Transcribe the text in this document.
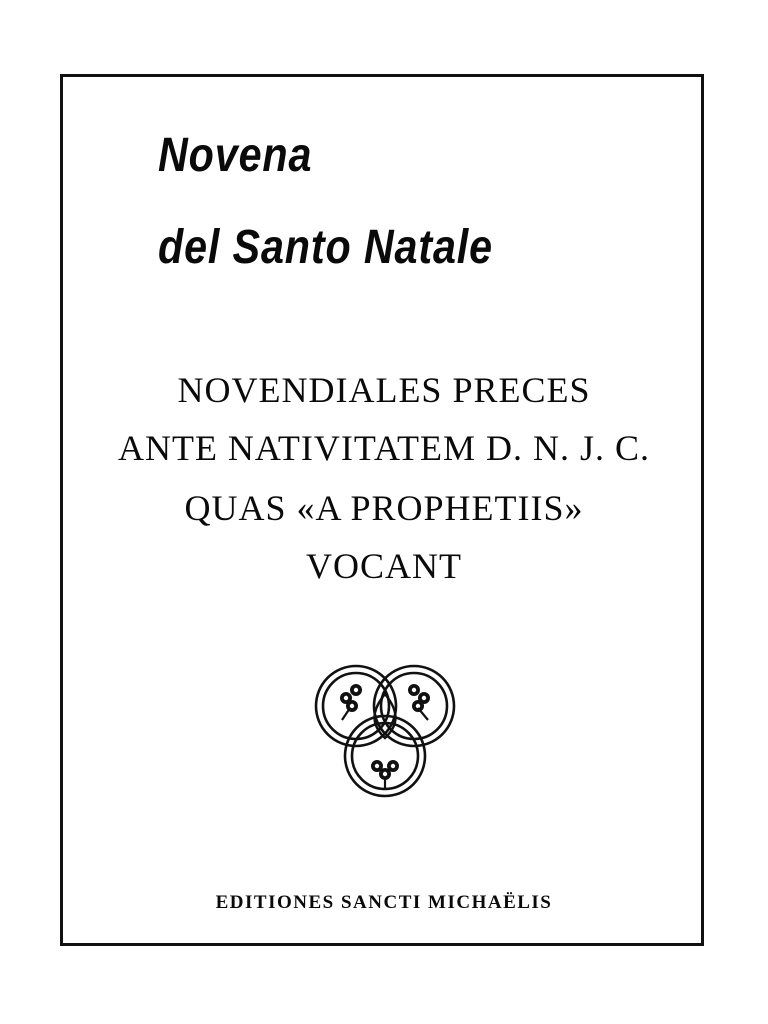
Novena
del Santo Natale

NOVENDIALES PRECES

ANTE NATIVITATEM D. N. J. C.

QUAS «A PROPHETIIS»

VOCANT

EDITIONES SANCTI MICHAËLIS
